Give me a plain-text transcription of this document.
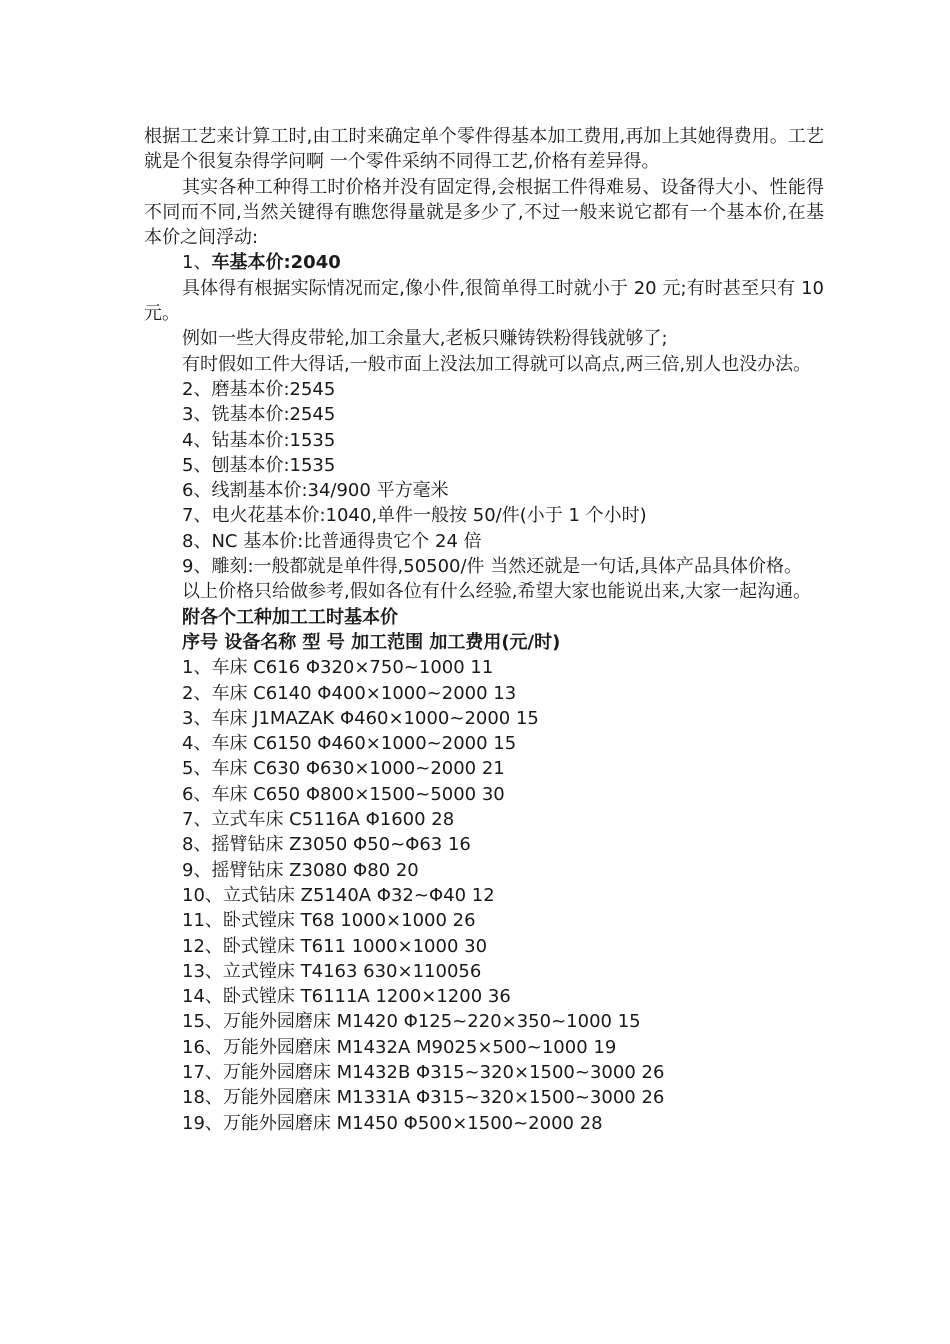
根据工艺来计算工时,由工时来确定单个零件得基本加工费用,再加上其她得费用。工艺就是个很复杂得学问啊 一个零件采纳不同得工艺,价格有差异得。

其实各种工种得工时价格并没有固定得,会根据工件得难易、设备得大小、性能得不同而不同,当然关键得有瞧您得量就是多少了,不过一般来说它都有一个基本价,在基本价之间浮动:

1、车基本价:2040

具体得有根据实际情况而定,像小件,很简单得工时就小于 20 元;有时甚至只有 10 元。

例如一些大得皮带轮,加工余量大,老板只赚铸铁粉得钱就够了;

有时假如工件大得话,一般市面上没法加工得就可以高点,两三倍,别人也没办法。

2、磨基本价:2545

3、铣基本价:2545

4、钻基本价:1535

5、刨基本价:1535

6、线割基本价:34/900 平方毫米

7、电火花基本价:1040,单件一般按 50/件(小于 1 个小时)

8、NC 基本价:比普通得贵它个 24 倍

9、雕刻:一般都就是单件得,50500/件 当然还就是一句话,具体产品具体价格。

以上价格只给做参考,假如各位有什么经验,希望大家也能说出来,大家一起沟通。

附各个工种加工工时基本价

序号 设备名称 型 号 加工范围 加工费用(元/时)

1、车床 C616 Φ320×750~1000 11

2、车床 C6140 Φ400×1000~2000 13

3、车床 J1MAZAK Φ460×1000~2000 15

4、车床 C6150 Φ460×1000~2000 15

5、车床 C630 Φ630×1000~2000 21

6、车床 C650 Φ800×1500~5000 30

7、立式车床 C5116A Φ1600 28

8、摇臂钻床 Z3050 Φ50~Φ63 16

9、摇臂钻床 Z3080 Φ80 20

10、立式钻床 Z5140A Φ32~Φ40 12

11、卧式镗床 T68 1000×1000 26

12、卧式镗床 T611 1000×1000 30

13、立式镗床 T4163 630×110056

14、卧式镗床 T6111A 1200×1200 36

15、万能外园磨床 M1420 Φ125~220×350~1000 15

16、万能外园磨床 M1432A M9025×500~1000 19

17、万能外园磨床 M1432B Φ315~320×1500~3000 26

18、万能外园磨床 M1331A Φ315~320×1500~3000 26

19、万能外园磨床 M1450 Φ500×1500~2000 28
